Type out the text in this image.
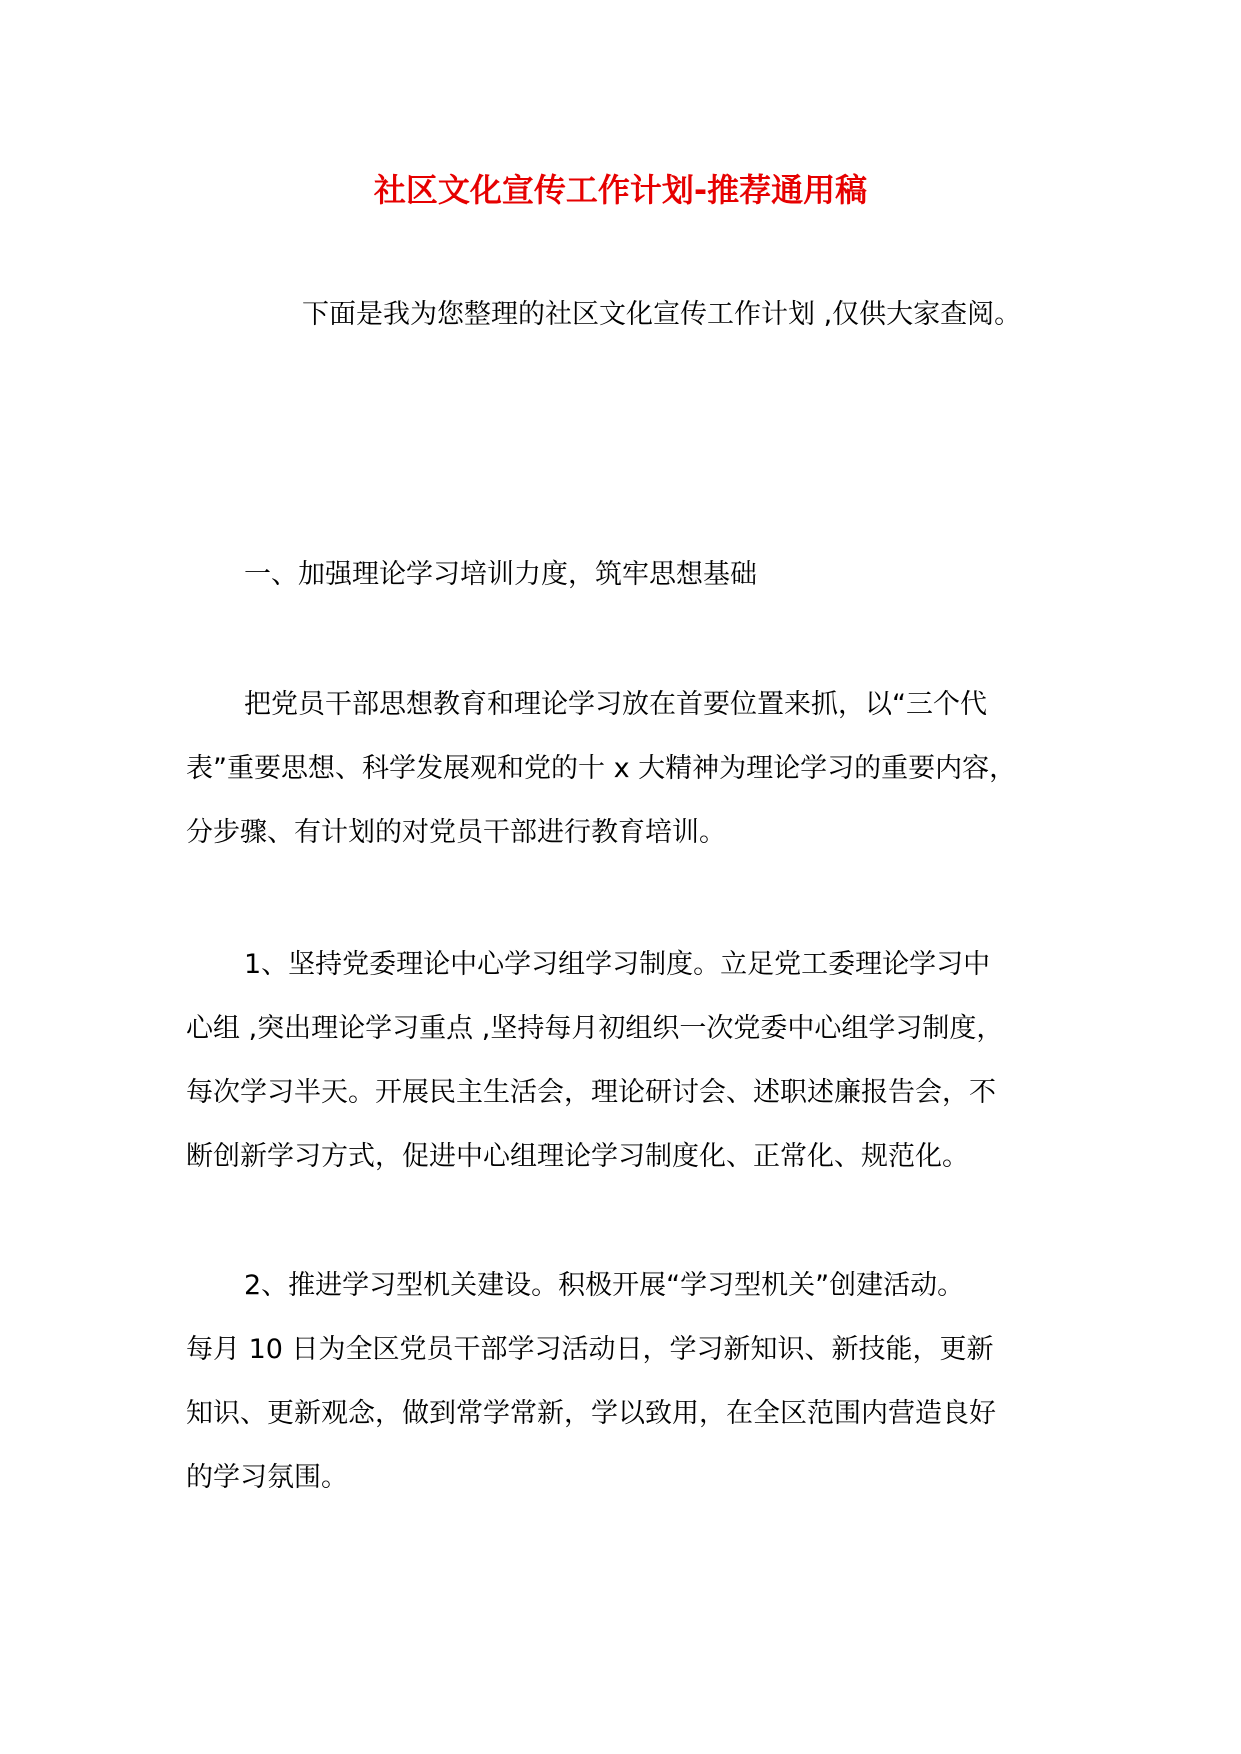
社区文化宣传工作计划-推荐通用稿
下面是我为您整理的社区文化宣传工作计划 ,仅供大家查阅。
一、加强理论学习培训力度，筑牢思想基础
把党员干部思想教育和理论学习放在首要位置来抓，以“三个代
表”重要思想、科学发展观和党的十 x 大精神为理论学习的重要内容，
分步骤、有计划的对党员干部进行教育培训。
1、坚持党委理论中心学习组学习制度。立足党工委理论学习中
心组 ,突出理论学习重点 ,坚持每月初组织一次党委中心组学习制度，
每次学习半天。开展民主生活会，理论研讨会、述职述廉报告会，不
断创新学习方式，促进中心组理论学习制度化、正常化、规范化。
2、推进学习型机关建设。积极开展“学习型机关”创建活动。
每月 10 日为全区党员干部学习活动日，学习新知识、新技能，更新
知识、更新观念，做到常学常新，学以致用，在全区范围内营造良好
的学习氛围。
